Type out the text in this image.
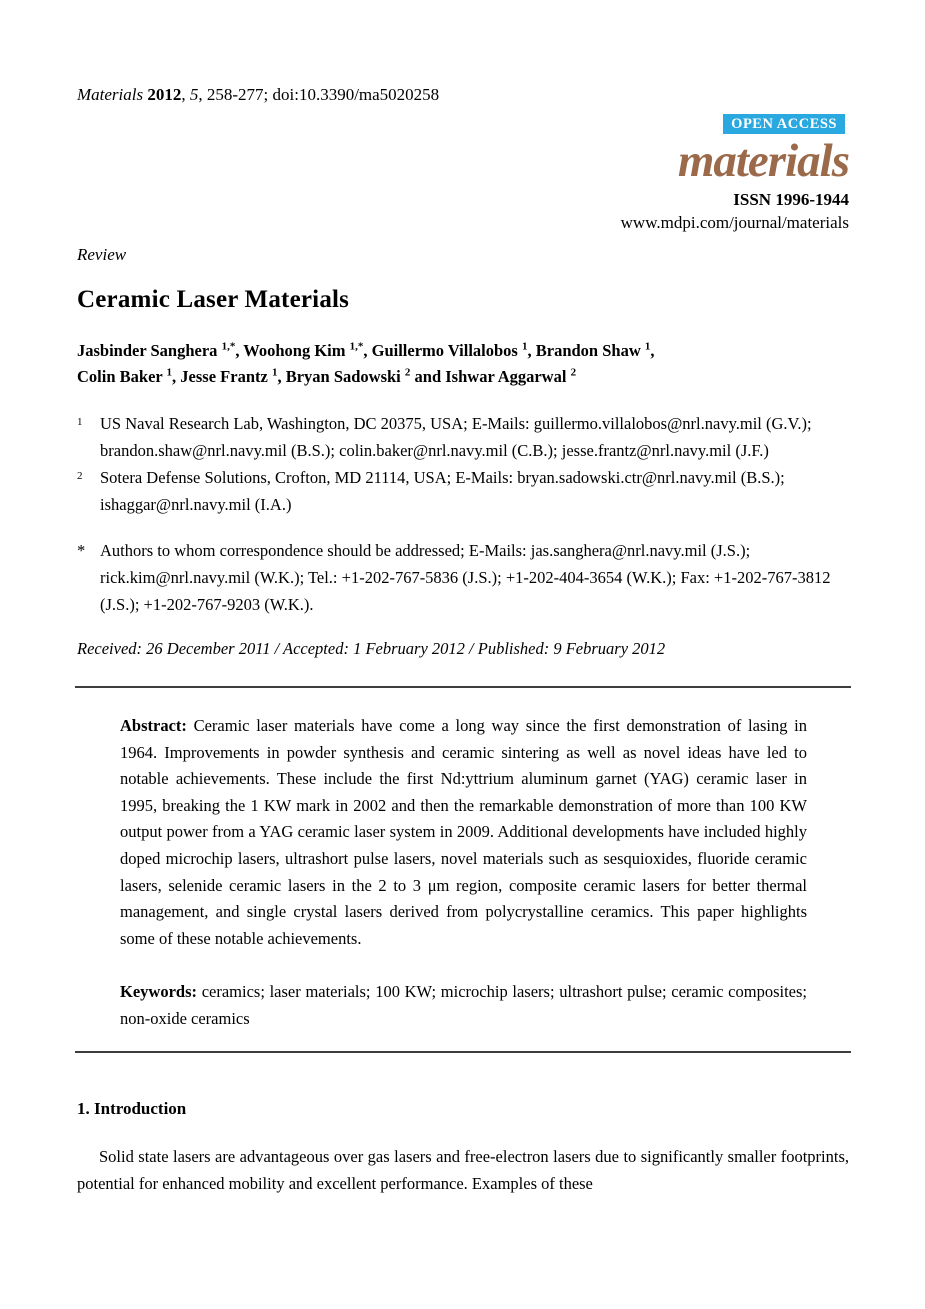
Materials 2012, 5, 258-277; doi:10.3390/ma5020258
OPEN ACCESS
materials
ISSN 1996-1944
www.mdpi.com/journal/materials
Review
Ceramic Laser Materials
Jasbinder Sanghera $^{1,*}$, Woohong Kim $^{1,*}$, Guillermo Villalobos $^1$, Brandon Shaw $^1$,
Colin Baker $^1$, Jesse Frantz $^1$, Bryan Sadowski $^2$ and Ishwar Aggarwal $^2$
1 US Naval Research Lab, Washington, DC 20375, USA; E-Mails: guillermo.villalobos@nrl.navy.mil (G.V.); brandon.shaw@nrl.navy.mil (B.S.); colin.baker@nrl.navy.mil (C.B.); jesse.frantz@nrl.navy.mil (J.F.)
2 Sotera Defense Solutions, Crofton, MD 21114, USA; E-Mails: bryan.sadowski.ctr@nrl.navy.mil (B.S.); ishaggar@nrl.navy.mil (I.A.)
* Authors to whom correspondence should be addressed; E-Mails: jas.sanghera@nrl.navy.mil (J.S.); rick.kim@nrl.navy.mil (W.K.); Tel.: +1-202-767-5836 (J.S.); +1-202-404-3654 (W.K.); Fax: +1-202-767-3812 (J.S.); +1-202-767-9203 (W.K.).
Received: 26 December 2011 / Accepted: 1 February 2012 / Published: 9 February 2012
Abstract: Ceramic laser materials have come a long way since the first demonstration of lasing in 1964. Improvements in powder synthesis and ceramic sintering as well as novel ideas have led to notable achievements. These include the first Nd:yttrium aluminum garnet (YAG) ceramic laser in 1995, breaking the 1 KW mark in 2002 and then the remarkable demonstration of more than 100 KW output power from a YAG ceramic laser system in 2009. Additional developments have included highly doped microchip lasers, ultrashort pulse lasers, novel materials such as sesquioxides, fluoride ceramic lasers, selenide ceramic lasers in the 2 to 3 μm region, composite ceramic lasers for better thermal management, and single crystal lasers derived from polycrystalline ceramics. This paper highlights some of these notable achievements.
Keywords: ceramics; laser materials; 100 KW; microchip lasers; ultrashort pulse; ceramic composites; non-oxide ceramics
1. Introduction
Solid state lasers are advantageous over gas lasers and free-electron lasers due to significantly smaller footprints, potential for enhanced mobility and excellent performance. Examples of these
